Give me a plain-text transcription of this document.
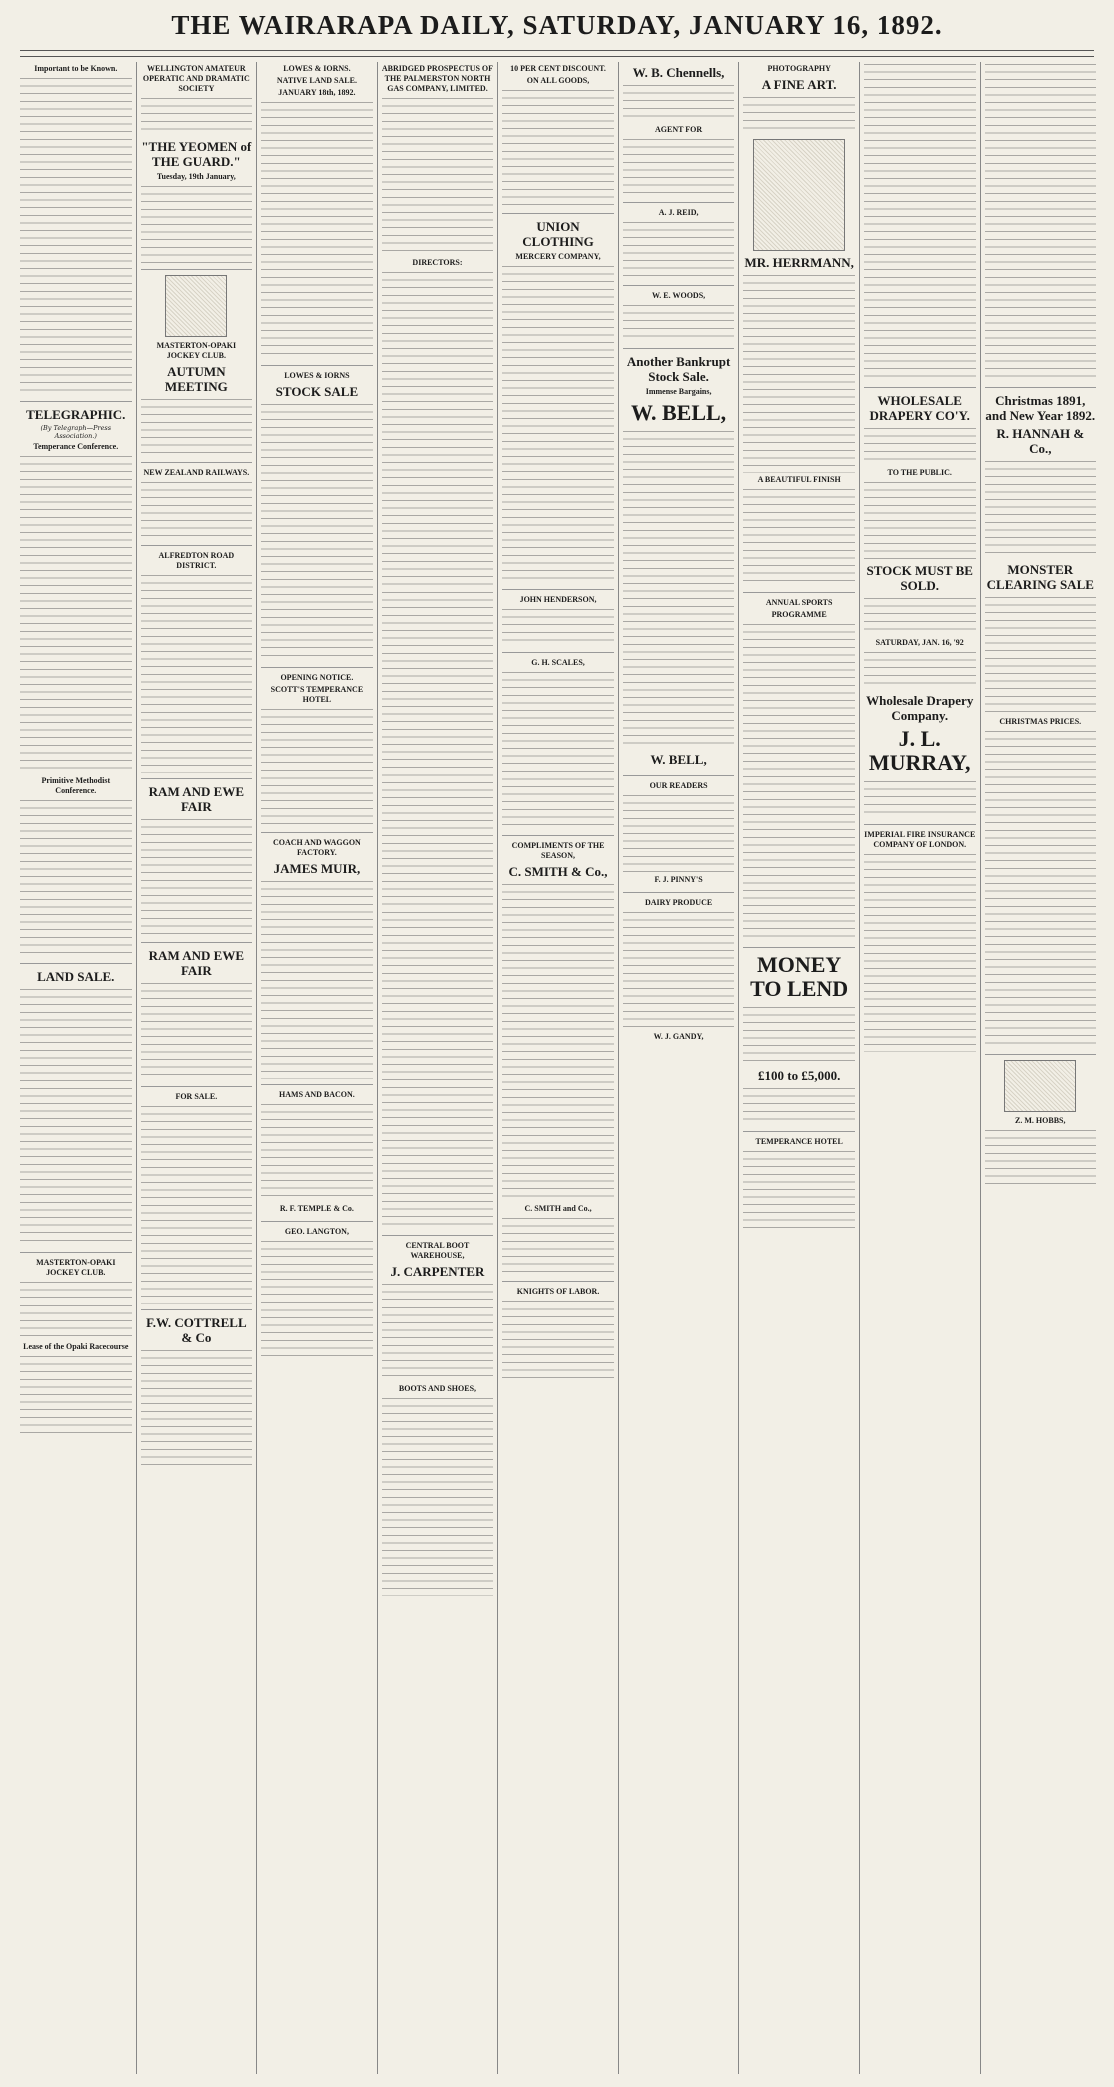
THE WAIRARAPA DAILY, SATURDAY, JANUARY 16, 1892.
Important to be Known.
TELEGRAPHIC.
(By Telegraph—Press Association.)
Temperance Conference.
Primitive Methodist Conference.
LAND SALE.
MASTERTON-OPAKI JOCKEY CLUB.
Lease of the Opaki Racecourse
WELLINGTON AMATEUR OPERATIC AND DRAMATIC SOCIETY
"THE YEOMEN of THE GUARD."
Tuesday, 19th January,
MASTERTON-OPAKI JOCKEY CLUB.
AUTUMN MEETING
NEW ZEALAND RAILWAYS.
ALFREDTON ROAD DISTRICT.
RAM AND EWE FAIR
RAM AND EWE FAIR
FOR SALE.
F.W. COTTRELL & Co
LOWES & IORNS.
NATIVE LAND SALE.
JANUARY 18th, 1892.
LOWES & IORNS
STOCK SALE
OPENING NOTICE.
SCOTT'S TEMPERANCE HOTEL
COACH AND WAGGON FACTORY.
JAMES MUIR,
HAMS AND BACON.
R. F. TEMPLE & Co.
GEO. LANGTON,
ABRIDGED PROSPECTUS OF THE PALMERSTON NORTH GAS COMPANY, LIMITED.
DIRECTORS:
CENTRAL BOOT WAREHOUSE,
J. CARPENTER
BOOTS AND SHOES,
10 PER CENT DISCOUNT.
ON ALL GOODS,
UNION CLOTHING
MERCERY COMPANY,
JOHN HENDERSON,
G. H. SCALES,
COMPLIMENTS OF THE SEASON,
C. SMITH & Co.,
C. SMITH and Co.,
KNIGHTS OF LABOR.
W. B. Chennells,
AGENT FOR
A. J. REID,
W. E. WOODS,
Another Bankrupt Stock Sale.
Immense Bargains,
W. BELL,
W. BELL,
OUR READERS
F. J. PINNY'S
DAIRY PRODUCE
W. J. GANDY,
PHOTOGRAPHY
A FINE ART.
MR. HERRMANN,
A BEAUTIFUL FINISH
ANNUAL SPORTS
PROGRAMME
MONEY TO LEND
£100 to £5,000.
TEMPERANCE HOTEL
WHOLESALE DRAPERY CO'Y.
TO THE PUBLIC.
STOCK MUST BE SOLD.
SATURDAY, JAN. 16, '92
Wholesale Drapery Company.
J. L. MURRAY,
IMPERIAL FIRE INSURANCE COMPANY OF LONDON.
Christmas 1891, and New Year 1892.
R. HANNAH & Co.,
MONSTER CLEARING SALE
CHRISTMAS PRICES.
Z. M. HOBBS,
